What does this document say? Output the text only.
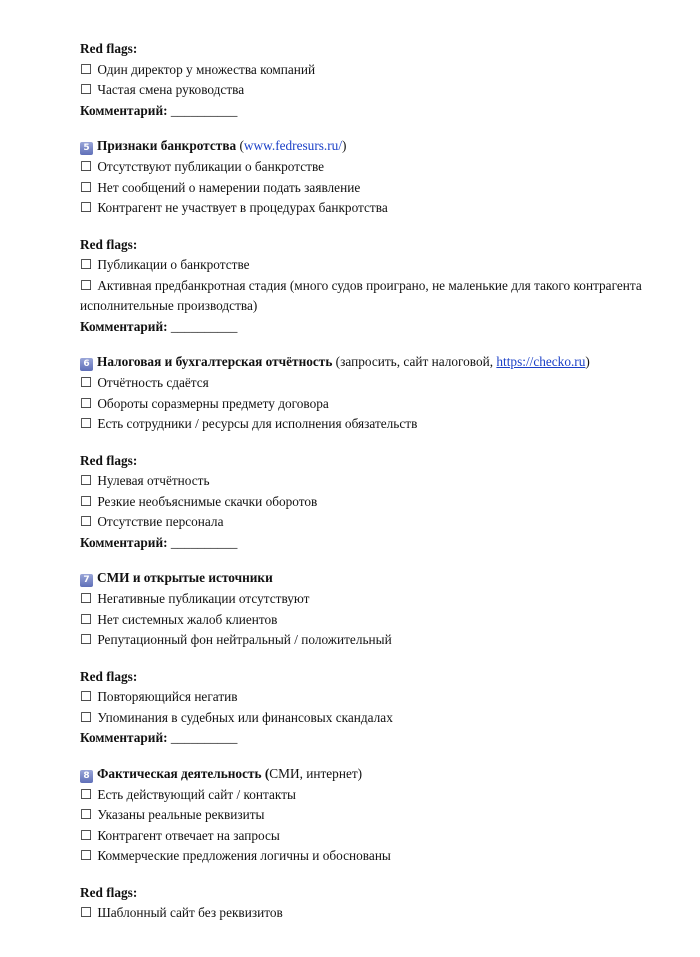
Red flags:
☐ Один директор у множества компаний
☐ Частая смена руководства
Комментарий: __________
5 Признаки банкротства (www.fedresurs.ru/)
☐ Отсутствуют публикации о банкротстве
☐ Нет сообщений о намерении подать заявление
☐ Контрагент не участвует в процедурах банкротства
Red flags:
☐ Публикации о банкротстве
☐ Активная предбанкротная стадия (много судов проиграно, не маленькие для такого контрагента исполнительные производства)
Комментарий: __________
6 Налоговая и бухгалтерская отчётность (запросить, сайт налоговой, https://checko.ru)
☐ Отчётность сдаётся
☐ Обороты соразмерны предмету договора
☐ Есть сотрудники / ресурсы для исполнения обязательств
Red flags:
☐ Нулевая отчётность
☐ Резкие необъяснимые скачки оборотов
☐ Отсутствие персонала
Комментарий: __________
7 СМИ и открытые источники
☐ Негативные публикации отсутствуют
☐ Нет системных жалоб клиентов
☐ Репутационный фон нейтральный / положительный
Red flags:
☐ Повторяющийся негатив
☐ Упоминания в судебных или финансовых скандалах
Комментарий: __________
8 Фактическая деятельность (СМИ, интернет)
☐ Есть действующий сайт / контакты
☐ Указаны реальные реквизиты
☐ Контрагент отвечает на запросы
☐ Коммерческие предложения логичны и обоснованы
Red flags:
☐ Шаблонный сайт без реквизитов
